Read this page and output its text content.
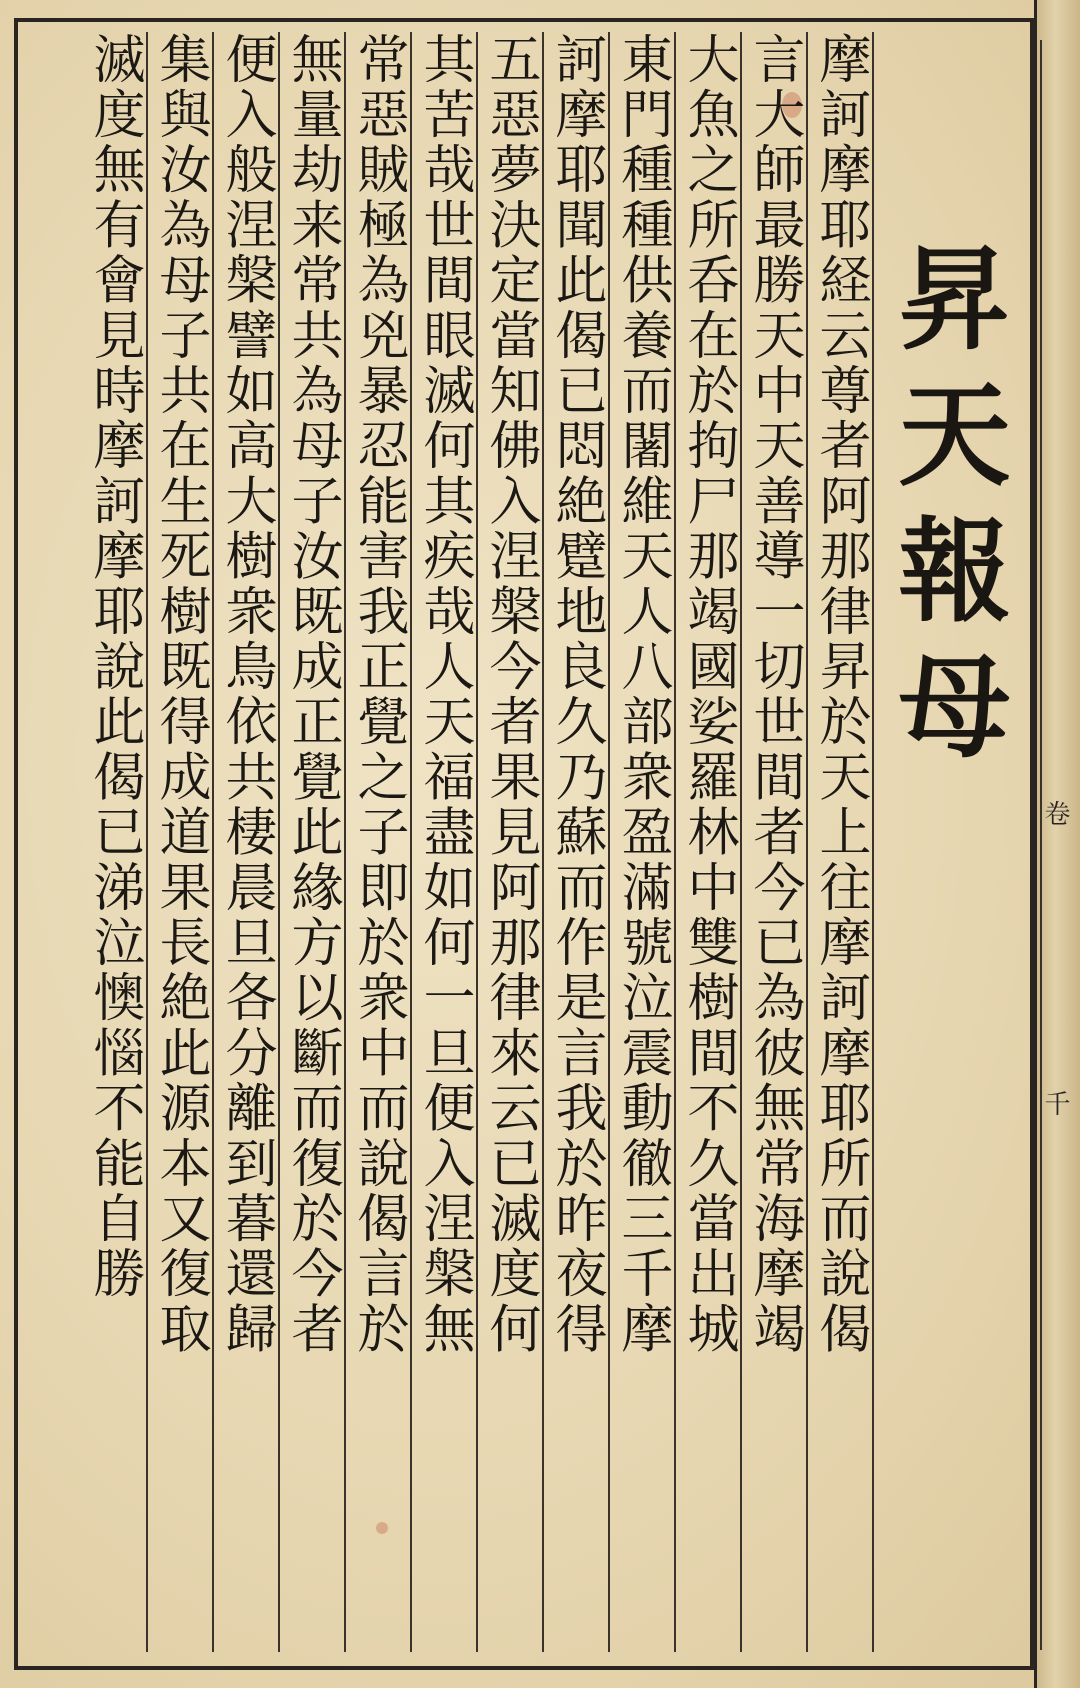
卷
千
昇天報母
摩訶摩耶経云尊者阿那律昇於天上往摩訶摩耶所而說偈
言大師最勝天中天善導一切世間者今已為彼無常海摩竭
大魚之所呑在於拘尸那竭國娑羅林中雙樹間不久當出城
東門種種供養而闍維天人八部衆盈滿號泣震動徹三千摩
訶摩耶聞此偈已悶絶躄地良久乃蘇而作是言我於昨夜得
五惡夢決定當知佛入涅槃今者果見阿那律來云已滅度何
其苦哉世間眼滅何其疾哉人天福盡如何一旦便入涅槃無
常惡賊極為兇暴忍能害我正覺之子即於衆中而說偈言於
無量劫来常共為母子汝既成正覺此緣方以斷而復於今者
便入般涅槃譬如高大樹衆鳥依共棲晨旦各分離到暮還歸
集與汝為母子共在生死樹既得成道果長絶此源本又復取
滅度無有會見時摩訶摩耶說此偈已涕泣懊惱不能自勝
